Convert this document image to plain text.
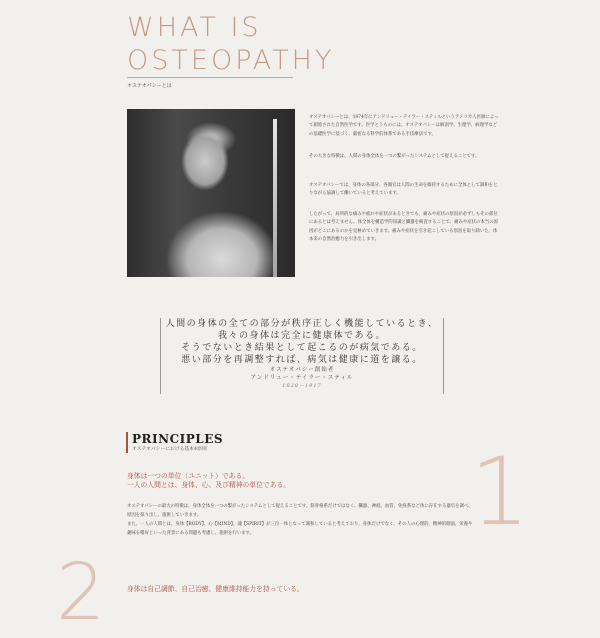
WHAT IS
OSTEOPATHY
オステオパシーとは
オステオパシーとは、1874年にアンドリュー・テイラー・スティルというアメリカ人医師によって創始された自然医学です。医学とうものには、オステオパシーは解剖学、生理学、病理学などの基礎医学に基づく、厳密なる科学的体系である手技療法です。
その大きな特徴は、人間の身体全体を一つの繋がったシステムとして捉えることです。
オステオパシーでは、身体の各部分、各器官は人間の生命を維持するために全体として調和をとりながら協調して働いていると考えています。
したがって、局所的な痛みや疲れや症状があるときでも、痛みや症状の原因が必ずしもその部位にあるとは考えません。体全体を構造学的知識と臓器を検査することで、痛みや症状の本当の原因がどこにあるのかを見極めていきます。痛みや症状を引き起こしている原因を取り除いた、体本来の自然治癒力を引き出します。
人間の身体の全ての部分が秩序正しく機能しているとき、
我々の身体は完全に健康体である。
そうでないとき結果として起こるのが病気である。
悪い部分を再調整すれば、病気は健康に道を譲る。
オステオパシー創始者
アンドリュー・テイラー・スティル
1828－1917
PRINCIPLES
オステオパシーにおける基本4原則	1
身体は一つの単位（ユニット）である。
一人の人間とは、身体、心、及び精神の単位である。
オステオパシーの最大の特徴は、身体全体を一つの繋がったシステムとして捉えることです。筋骨格系だけではなく、臓器、神経、血管、免疫系など体に存在する器官を調べ、原因を探り出し、施術していきます。
また、一人の人間とは、身体【BODY】、心【MIND】、魂【SPIRIT】が三位一体となって調和していると考えており、身体だけでなく、その人の心理的、精神的側面、栄養や趣味を嗜好といった背景にある問題も考慮し、施術を行います。
2	身体は自己調節、自己治癒、健康維持能力を持っている。
